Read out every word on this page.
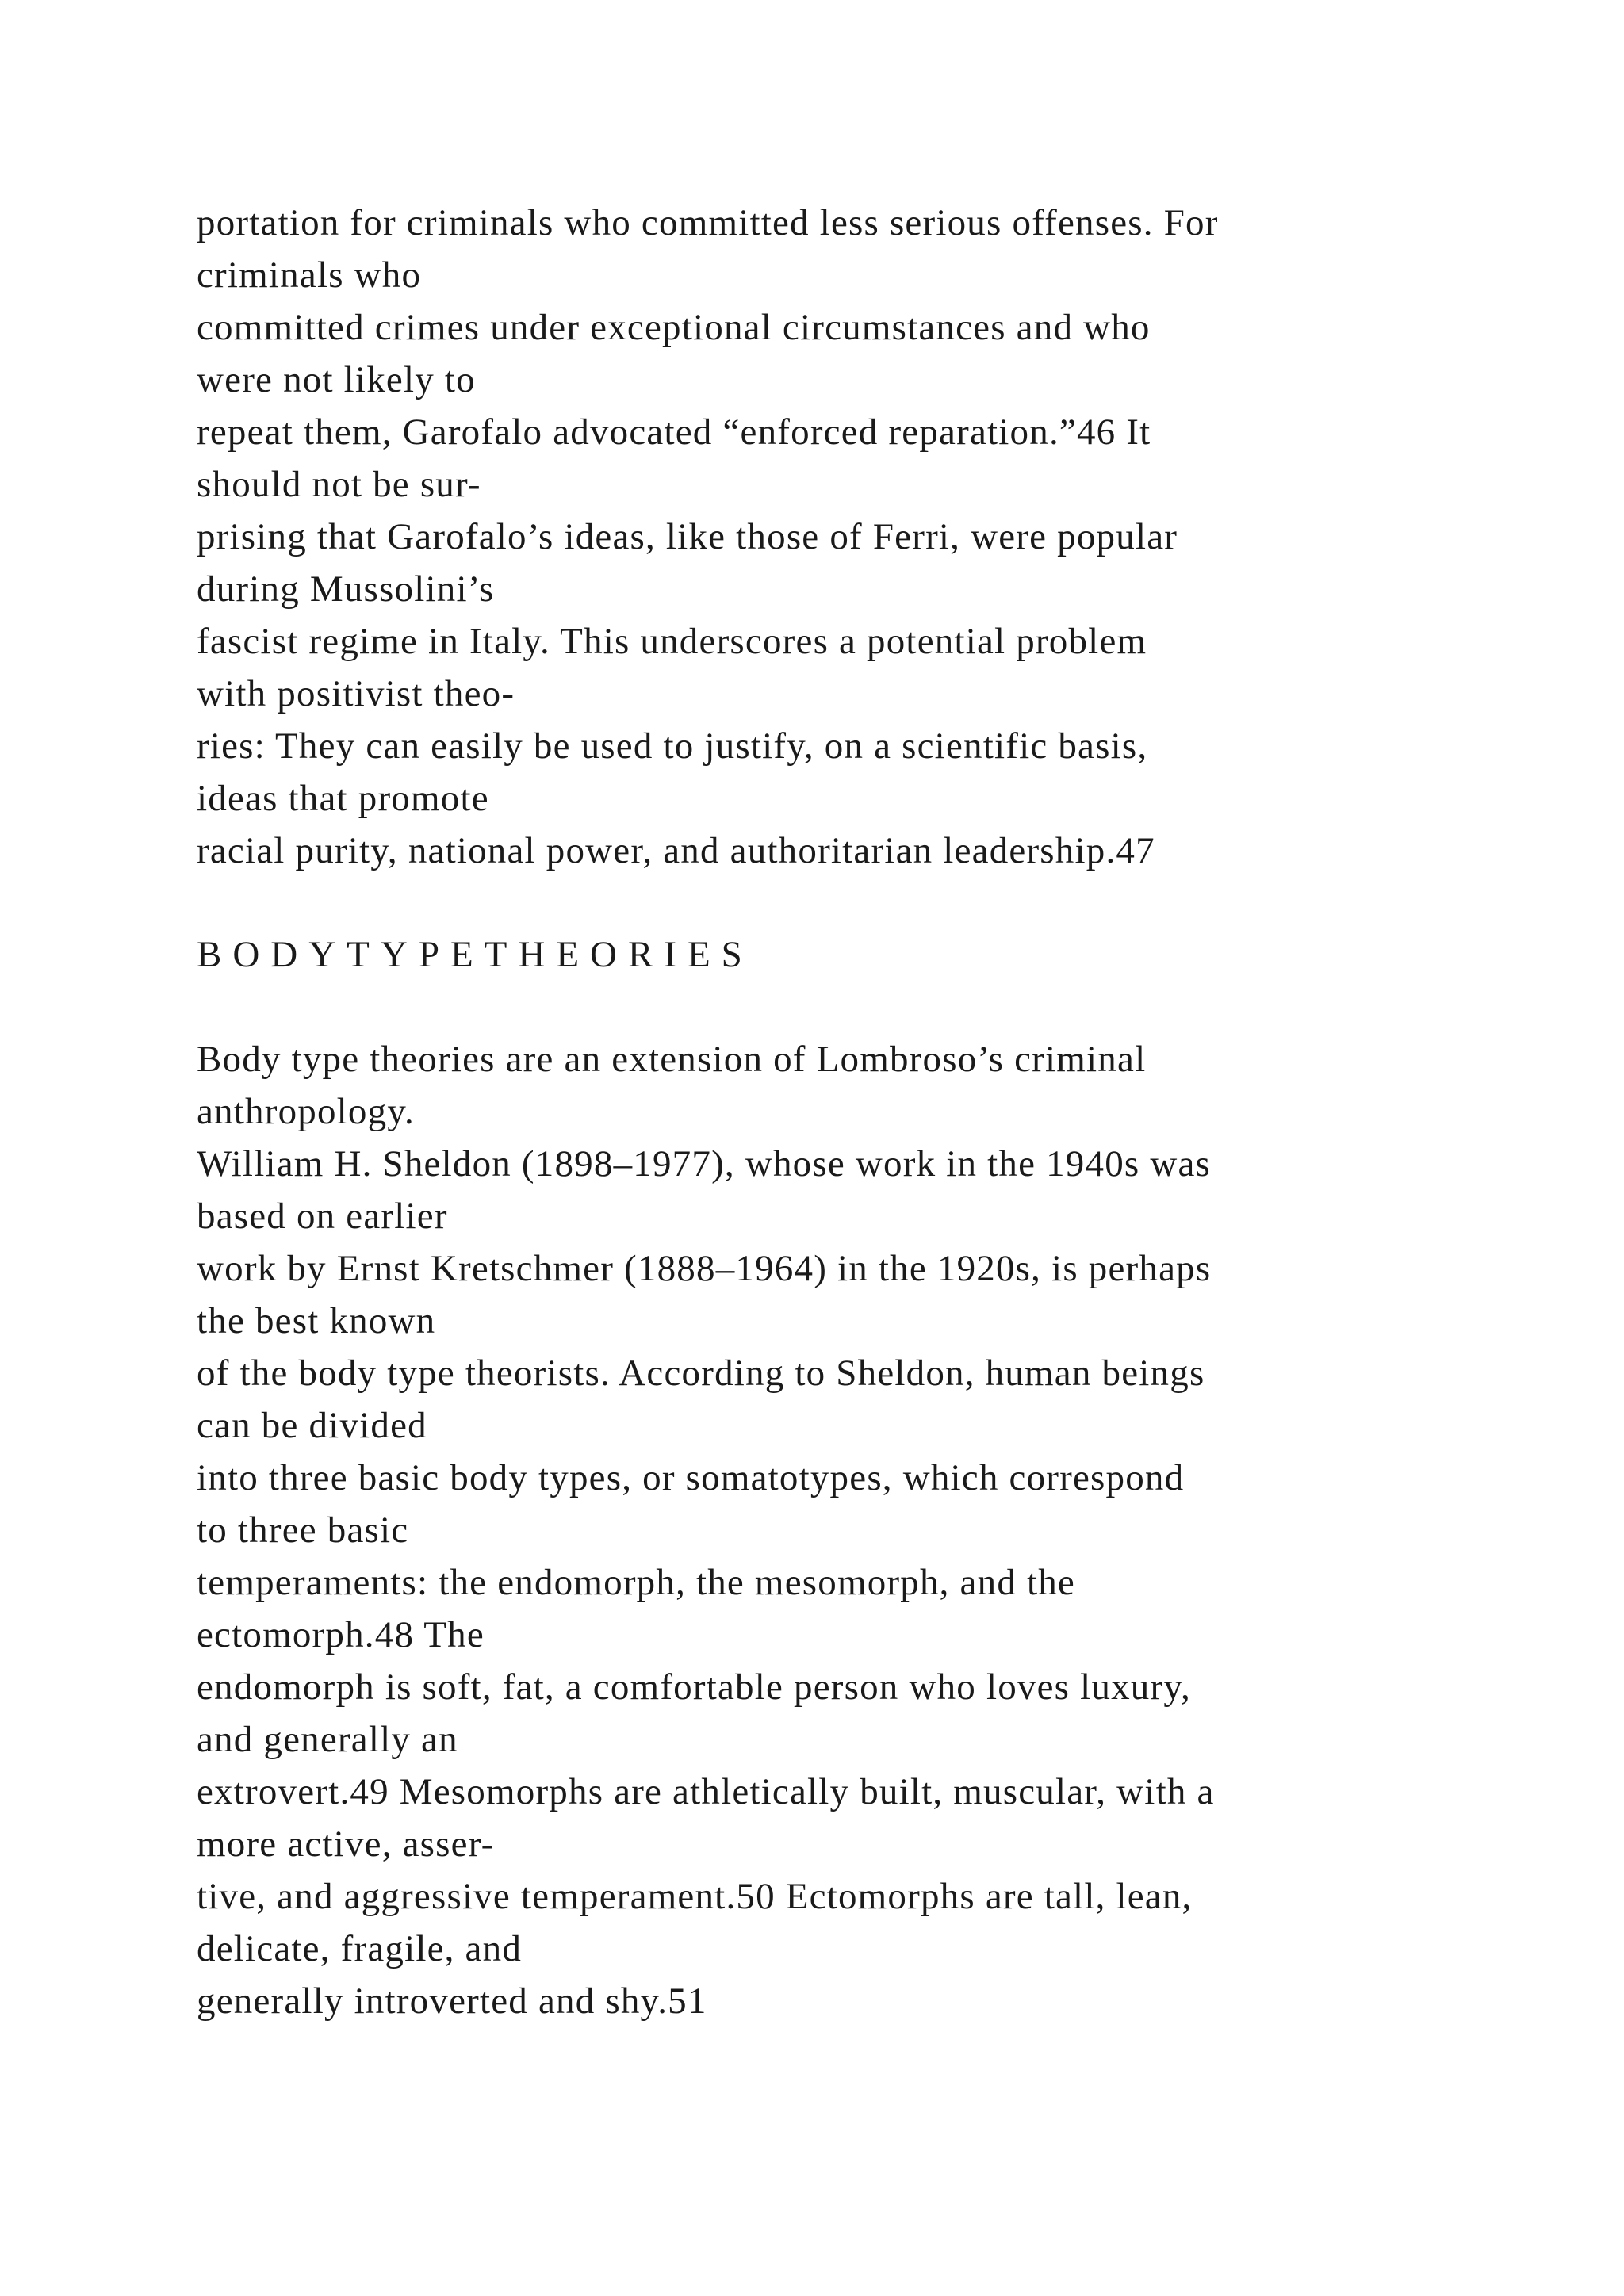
portation for criminals who committed less serious offenses. For
criminals who
committed crimes under exceptional circumstances and who
were not likely to
repeat them, Garofalo advocated “enforced reparation.”46 It
should not be sur-
prising that Garofalo’s ideas, like those of Ferri, were popular
during Mussolini’s
fascist regime in Italy. This underscores a potential problem
with positivist theo-
ries: They can easily be used to justify, on a scientific basis,
ideas that promote
racial purity, national power, and authoritarian leadership.47
BODYTYPETHEORIES
Body type theories are an extension of Lombroso’s criminal
anthropology.
William H. Sheldon (1898–1977), whose work in the 1940s was
based on earlier
work by Ernst Kretschmer (1888–1964) in the 1920s, is perhaps
the best known
of the body type theorists. According to Sheldon, human beings
can be divided
into three basic body types, or somatotypes, which correspond
to three basic
temperaments: the endomorph, the mesomorph, and the
ectomorph.48 The
endomorph is soft, fat, a comfortable person who loves luxury,
and generally an
extrovert.49 Mesomorphs are athletically built, muscular, with a
more active, asser-
tive, and aggressive temperament.50 Ectomorphs are tall, lean,
delicate, fragile, and
generally introverted and shy.51
